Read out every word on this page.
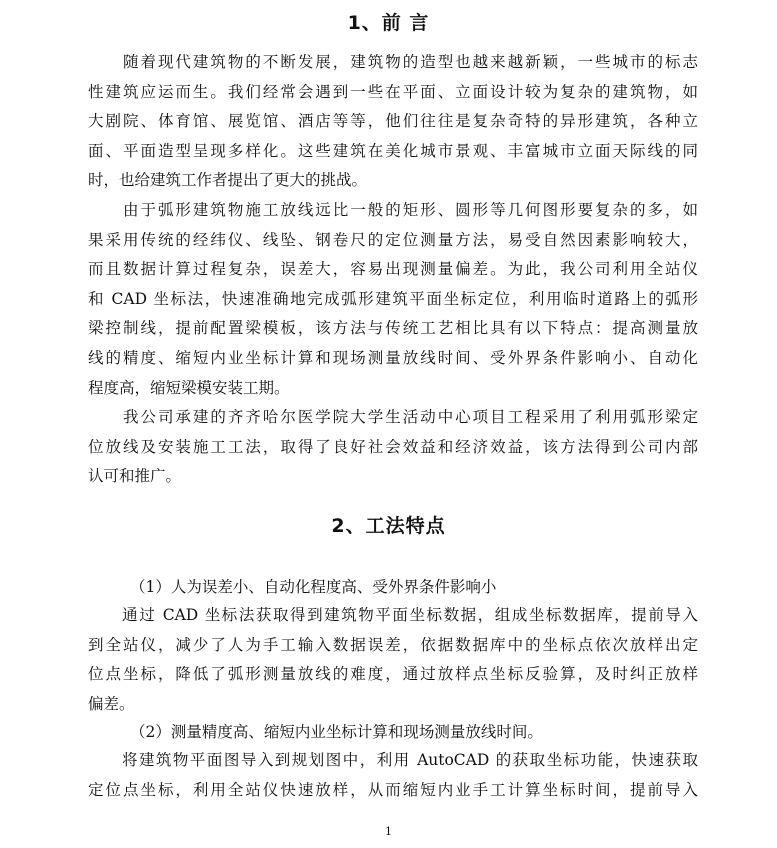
1、前 言
　　随着现代建筑物的不断发展，建筑物的造型也越来越新颖，一些城市的标志
性建筑应运而生。我们经常会遇到一些在平面、立面设计较为复杂的建筑物，如
大剧院、体育馆、展览馆、酒店等等，他们往往是复杂奇特的异形建筑，各种立
面、平面造型呈现多样化。这些建筑在美化城市景观、丰富城市立面天际线的同
时，也给建筑工作者提出了更大的挑战。
　　由于弧形建筑物施工放线远比一般的矩形、圆形等几何图形要复杂的多，如
果采用传统的经纬仪、线坠、钢卷尺的定位测量方法，易受自然因素影响较大，
而且数据计算过程复杂，误差大，容易出现测量偏差。为此，我公司利用全站仪
和 CAD 坐标法，快速准确地完成弧形建筑平面坐标定位，利用临时道路上的弧形
梁控制线，提前配置梁模板，该方法与传统工艺相比具有以下特点：提高测量放
线的精度、缩短内业坐标计算和现场测量放线时间、受外界条件影响小、自动化
程度高，缩短梁模安装工期。
　　我公司承建的齐齐哈尔医学院大学生活动中心项目工程采用了利用弧形梁定
位放线及安装施工工法，取得了良好社会效益和经济效益，该方法得到公司内部
认可和推广。
2、工法特点

（1）人为误差小、自动化程度高、受外界条件影响小

　　通过 CAD 坐标法获取得到建筑物平面坐标数据，组成坐标数据库，提前导入
到全站仪，减少了人为手工输入数据误差，依据数据库中的坐标点依次放样出定
位点坐标，降低了弧形测量放线的难度，通过放样点坐标反验算，及时纠正放样
偏差。

（2）测量精度高、缩短内业坐标计算和现场测量放线时间。

　　将建筑物平面图导入到规划图中，利用 AutoCAD 的获取坐标功能，快速获取
定位点坐标，利用全站仪快速放样，从而缩短内业手工计算坐标时间，提前导入
1
